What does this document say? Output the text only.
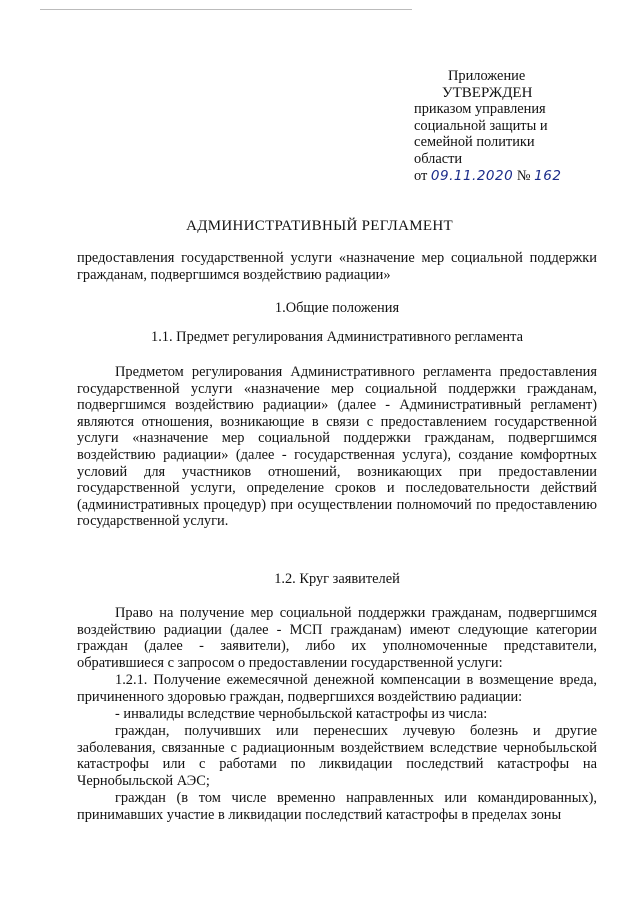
Приложение
УТВЕРЖДЕН
приказом управления
социальной защиты и
семейной политики
области
от 09.11.2020 № 162
АДМИНИСТРАТИВНЫЙ РЕГЛАМЕНТ

предоставления государственной услуги «назначение мер социальной поддержки гражданам, подвергшимся воздействию радиации»

1.Общие положения

1.1. Предмет регулирования Административного регламента

Предметом регулирования Административного регламента предоставления государственной услуги «назначение мер социальной поддержки гражданам, подвергшимся воздействию радиации» (далее - Административный регламент) являются отношения, возникающие в связи с предоставлением государственной услуги «назначение мер социальной поддержки гражданам, подвергшимся воздействию радиации» (далее - государственная услуга), создание комфортных условий для участников отношений, возникающих при предоставлении государственной услуги, определение сроков и последовательности действий (административных процедур) при осуществлении полномочий по предоставлению государственной услуги.

1.2. Круг заявителей

Право на получение мер социальной поддержки гражданам, подвергшимся воздействию радиации (далее - МСП гражданам) имеют следующие категории граждан (далее - заявители), либо их уполномоченные представители, обратившиеся с запросом о предоставлении государственной услуги:

1.2.1. Получение ежемесячной денежной компенсации в возмещение вреда, причиненного здоровью граждан, подвергшихся воздействию радиации:

- инвалиды вследствие чернобыльской катастрофы из числа:

граждан, получивших или перенесших лучевую болезнь и другие заболевания, связанные с радиационным воздействием вследствие чернобыльской катастрофы или с работами по ликвидации последствий катастрофы на Чернобыльской АЭС;

граждан (в том числе временно направленных или командированных), принимавших участие в ликвидации последствий катастрофы в пределах зоны
